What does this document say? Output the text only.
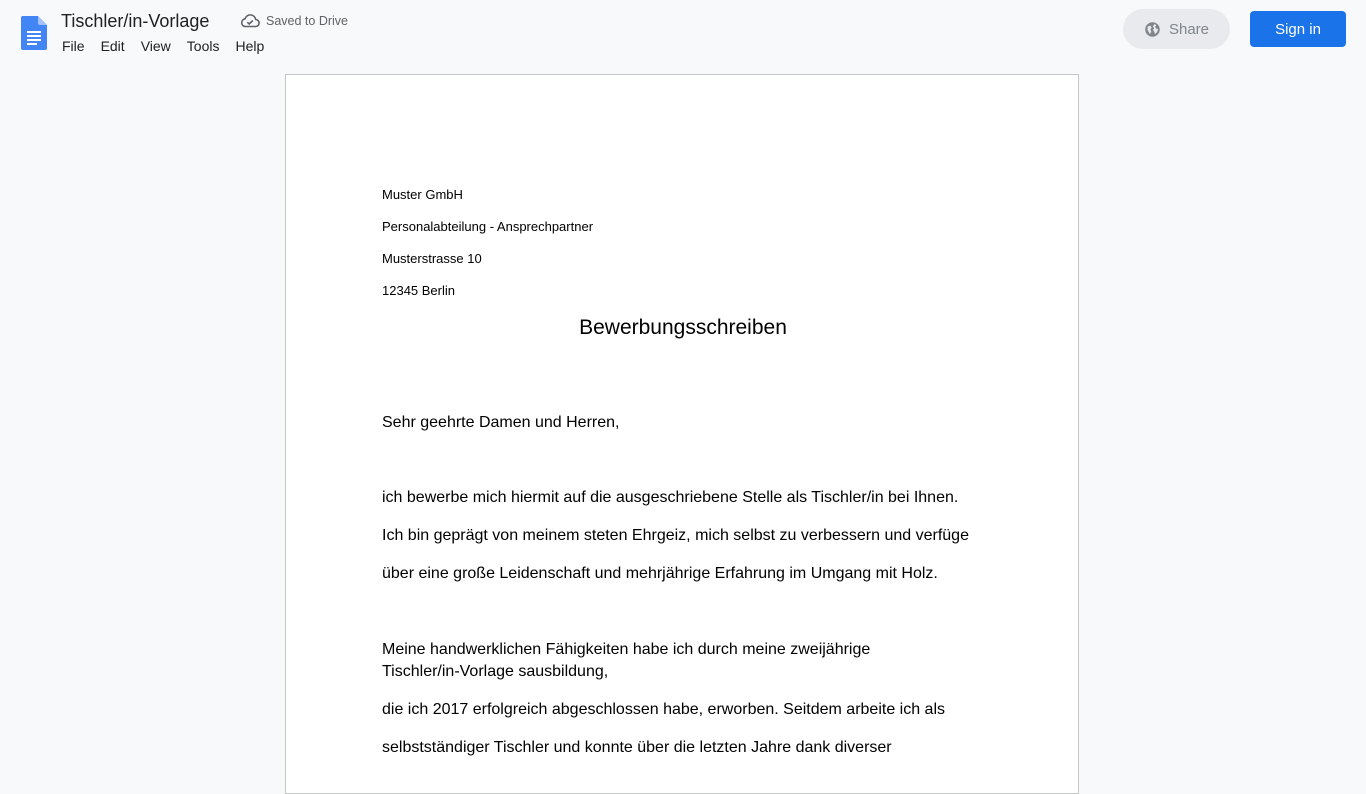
Tischler/in-Vorlage	Saved to Drive
File	Edit	View	Tools	Help
Share	Sign in
Muster GmbH
Personalabteilung - Ansprechpartner
Musterstrasse 10
12345 Berlin
Bewerbungsschreiben
Sehr geehrte Damen und Herren,
ich bewerbe mich hiermit auf die ausgeschriebene Stelle als Tischler/in bei Ihnen.
Ich bin geprägt von meinem steten Ehrgeiz, mich selbst zu verbessern und verfüge
über eine große Leidenschaft und mehrjährige Erfahrung im Umgang mit Holz.
Meine handwerklichen Fähigkeiten habe ich durch meine zweijährige
Tischler/in-Vorlage sausbildung,
die ich 2017 erfolgreich abgeschlossen habe, erworben. Seitdem arbeite ich als
selbstständiger Tischler und konnte über die letzten Jahre dank diverser
